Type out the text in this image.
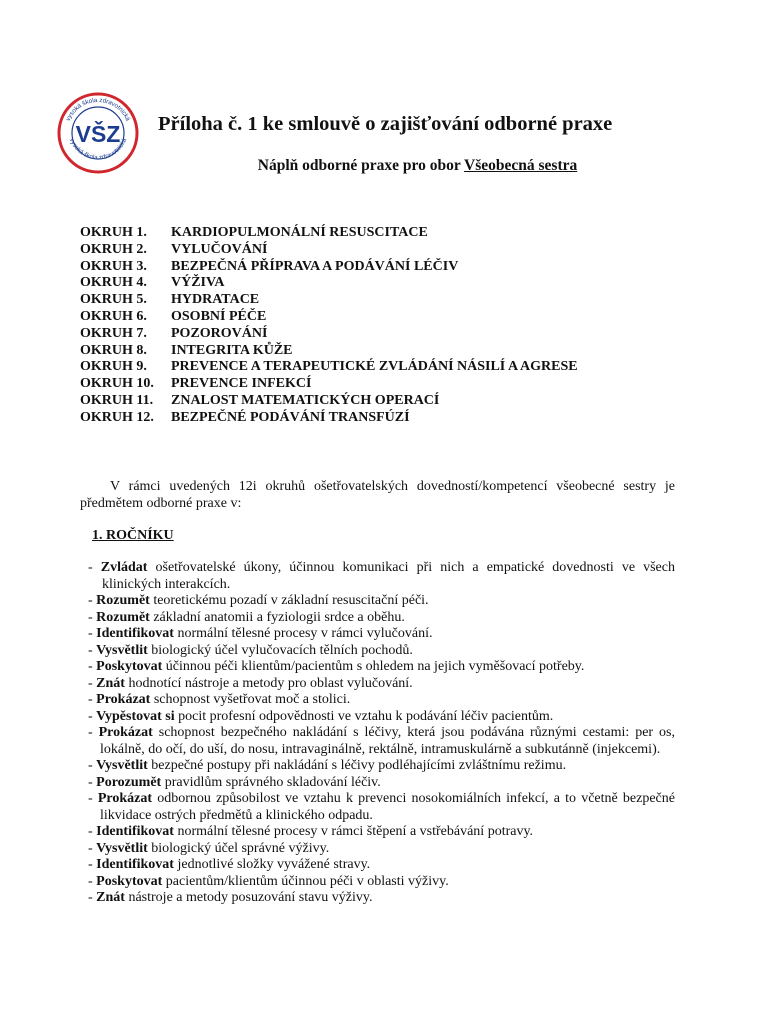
vysoká škola zdravotnická
vysoká škola zdravotnická
VŠZ Příloha č. 1 ke smlouvě o zajišťování odborné praxe
Náplň odborné praxe pro obor Všeobecná sestra
OKRUH 1. KARDIOPULMONÁLNÍ RESUSCITACE
OKRUH 2. VYLUČOVÁNÍ
OKRUH 3. BEZPEČNÁ PŘÍPRAVA A PODÁVÁNÍ LÉČIV
OKRUH 4. VÝŽIVA
OKRUH 5. HYDRATACE
OKRUH 6. OSOBNÍ PÉČE
OKRUH 7. POZOROVÁNÍ
OKRUH 8. INTEGRITA KŮŽE
OKRUH 9. PREVENCE A TERAPEUTICKÉ ZVLÁDÁNÍ NÁSILÍ A AGRESE
OKRUH 10. PREVENCE INFEKCÍ
OKRUH 11. ZNALOST MATEMATICKÝCH OPERACÍ
OKRUH 12. BEZPEČNÉ PODÁVÁNÍ TRANSFÚZÍ

V rámci uvedených 12i okruhů ošetřovatelských dovedností/kompetencí všeobecné sestry je předmětem odborné praxe v:

1. ROČNÍKU
- Zvládat ošetřovatelské úkony, účinnou komunikaci při nich a empatické dovednosti ve všech klinických interakcích.
- Rozumět teoretickému pozadí v základní resuscitační péči.
- Rozumět základní anatomii a fyziologii srdce a oběhu.
- Identifikovat normální tělesné procesy v rámci vylučování.
- Vysvětlit biologický účel vylučovacích tělních pochodů.
- Poskytovat účinnou péči klientům/pacientům s ohledem na jejich vyměšovací potřeby.
- Znát hodnotící nástroje a metody pro oblast vylučování.
- Prokázat schopnost vyšetřovat moč a stolici.
- Vypěstovat si pocit profesní odpovědnosti ve vztahu k podávání léčiv pacientům.
- Prokázat schopnost bezpečného nakládání s léčivy, která jsou podávána různými cestami: per os, lokálně, do očí, do uší, do nosu, intravaginálně, rektálně, intramuskulárně a subkutánně (injekcemi).
- Vysvětlit bezpečné postupy při nakládání s léčivy podléhajícími zvláštnímu režimu.
- Porozumět pravidlům správného skladování léčiv.
- Prokázat odbornou způsobilost ve vztahu k prevenci nosokomiálních infekcí, a to včetně bezpečné likvidace ostrých předmětů a klinického odpadu.
- Identifikovat normální tělesné procesy v rámci štěpení a vstřebávání potravy.
- Vysvětlit biologický účel správné výživy.
- Identifikovat jednotlivé složky vyvážené stravy.
- Poskytovat pacientům/klientům účinnou péči v oblasti výživy.
- Znát nástroje a metody posuzování stavu výživy.
